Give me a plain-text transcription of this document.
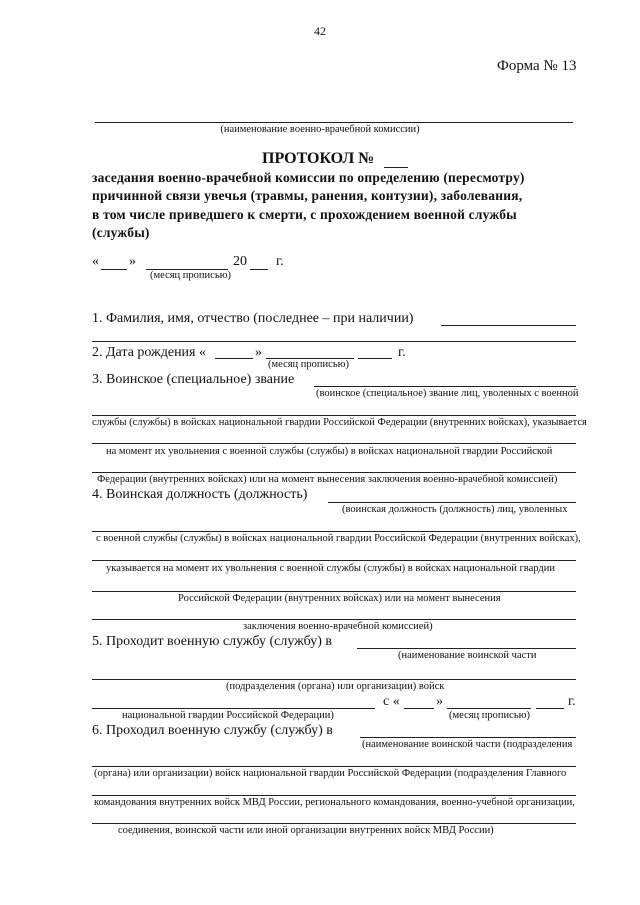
42
Форма № 13
(наименование военно-врачебной комиссии)
ПРОТОКОЛ №
заседания военно-врачебной комиссии по определению (пересмотру)
причинной связи увечья (травмы, ранения, контузии), заболевания,
в том числе приведшего к смерти, с прохождением военной службы
(службы)
« »	20 г.
(месяц прописью)
1. Фамилия, имя, отчество (последнее – при наличии)
2. Дата рождения «	»	г.
(месяц прописью)
3. Воинское (специальное) звание
(воинское (специальное) звание лиц, уволенных с военной
службы (службы) в войсках национальной гвардии Российской Федерации (внутренних войсках), указывается
на момент их увольнения с военной службы (службы) в войсках национальной гвардии Российской
Федерации (внутренних войсках) или на момент вынесения заключения военно-врачебной комиссией)
4. Воинская должность (должность)
(воинская должность (должность) лиц, уволенных
с военной службы (службы) в войсках национальной гвардии Российской Федерации (внутренних войсках),
указывается на момент их увольнения с военной службы (службы) в войсках национальной гвардии
Российской Федерации (внутренних войсках) или на момент вынесения
заключения военно-врачебной комиссией)
5. Проходит военную службу (службу) в
(наименование воинской части
(подразделения (органа) или организации) войск
с «	»	г.
национальной гвардии Российской Федерации)	(месяц прописью)
6. Проходил военную службу (службу) в
(наименование воинской части (подразделения
(органа) или организации) войск национальной гвардии Российской Федерации (подразделения Главного
командования внутренних войск МВД России, регионального командования, военно-учебной организации,
соединения, воинской части или иной организации внутренних войск МВД России)
